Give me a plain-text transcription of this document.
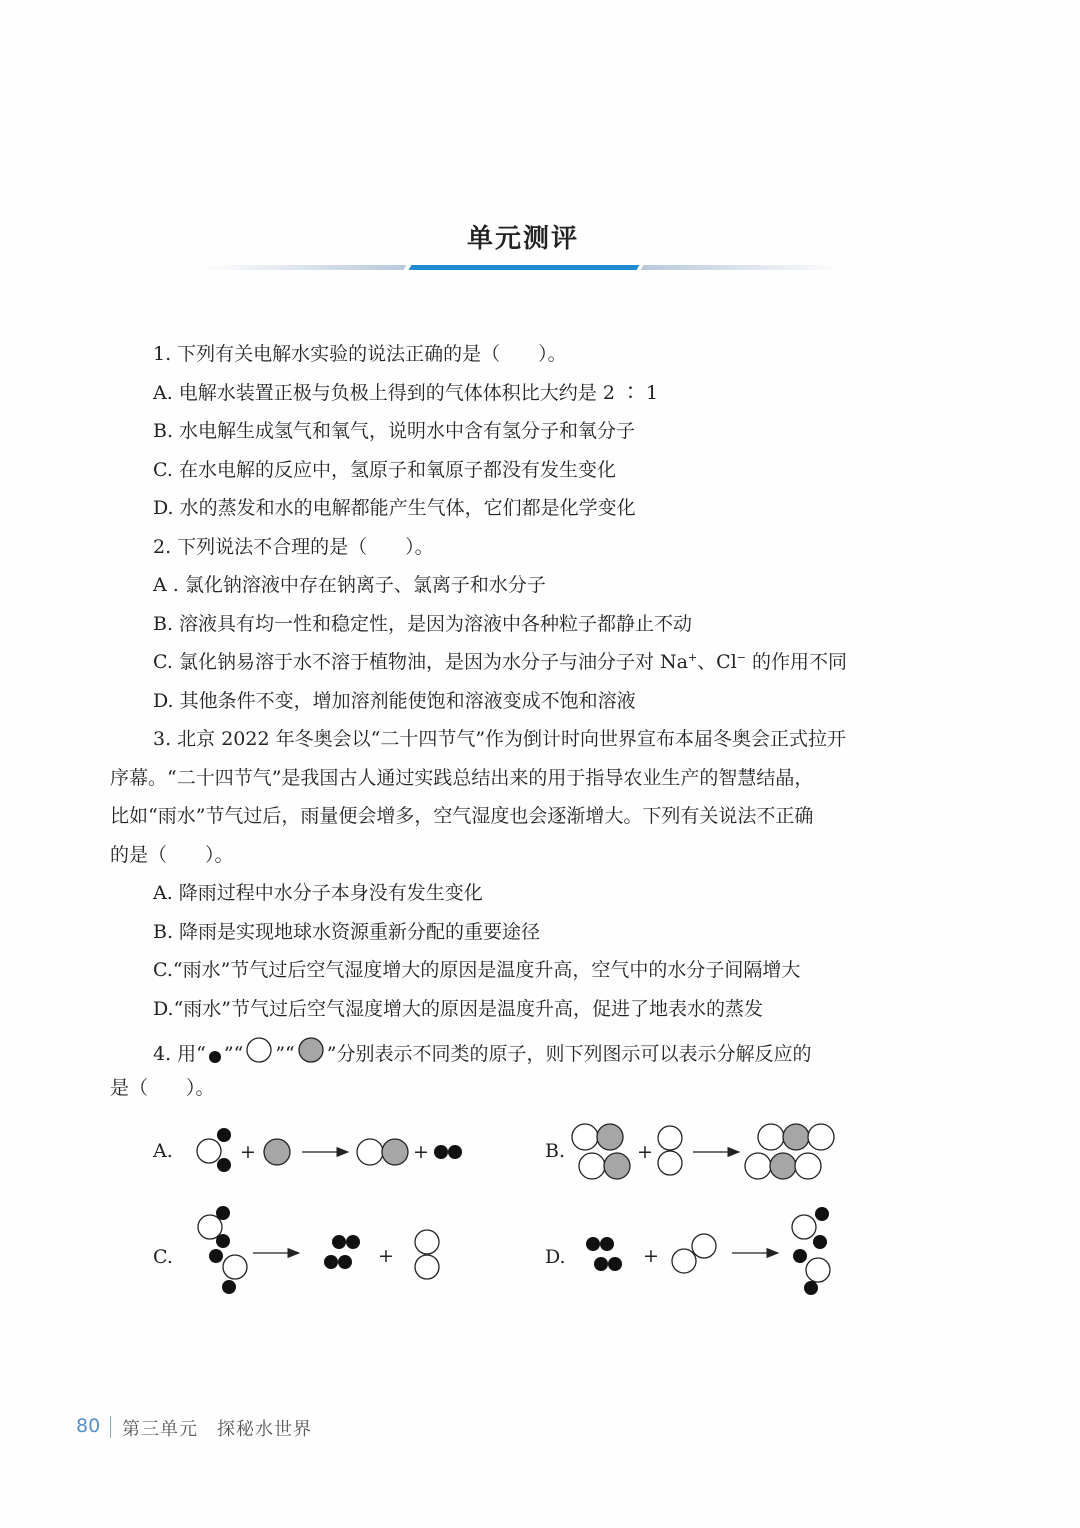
单元测评
1. 下列有关电解水实验的说法正确的是（　　）。
A. 电解水装置正极与负极上得到的气体体积比大约是 2 ∶ 1
B. 水电解生成氢气和氧气，说明水中含有氢分子和氧分子
C. 在水电解的反应中，氢原子和氧原子都没有发生变化
D. 水的蒸发和水的电解都能产生气体，它们都是化学变化
2. 下列说法不合理的是（　　）。
A . 氯化钠溶液中存在钠离子、氯离子和水分子
B. 溶液具有均一性和稳定性，是因为溶液中各种粒子都静止不动
C. 氯化钠易溶于水不溶于植物油，是因为水分子与油分子对 Na+、Cl− 的作用不同
D. 其他条件不变，增加溶剂能使饱和溶液变成不饱和溶液
3. 北京 2022 年冬奥会以“二十四节气”作为倒计时向世界宣布本届冬奥会正式拉开
序幕。“二十四节气”是我国古人通过实践总结出来的用于指导农业生产的智慧结晶，
比如“雨水”节气过后，雨量便会增多，空气湿度也会逐渐增大。下列有关说法不正确
的是（　　）。
A. 降雨过程中水分子本身没有发生变化
B. 降雨是实现地球水资源重新分配的重要途径
C.“雨水”节气过后空气湿度增大的原因是温度升高，空气中的水分子间隔增大
D.“雨水”节气过后空气湿度增大的原因是温度升高，促进了地表水的蒸发
4. 用“ ”“ ”“ ”分别表示不同类的原子，则下列图示可以表示分解反应的
是（　　）。
A.	+	+	B.	+
C.	+	D.	+
80 第三单元　探秘水世界
